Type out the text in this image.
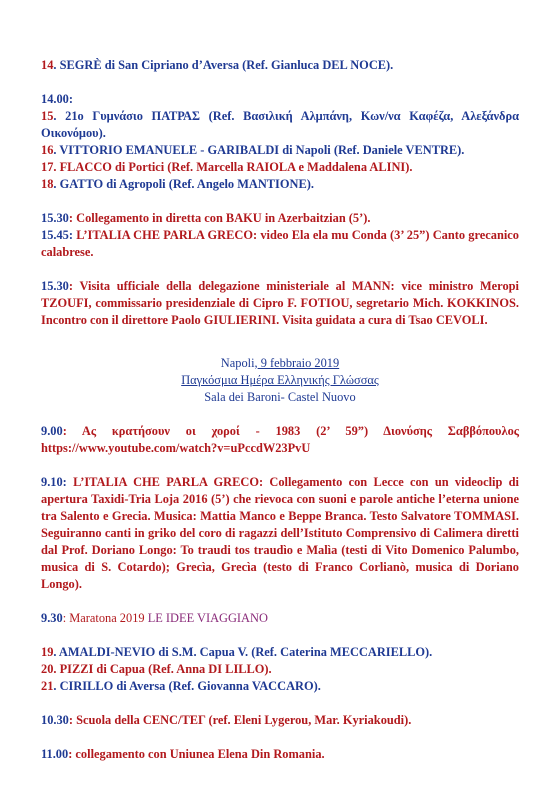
14. SEGRÈ di San Cipriano d’Aversa (Ref. Gianluca DEL NOCE).

14.00:

15. 21ο Γυμνάσιο ΠΑΤΡΑΣ (Ref. Βασιλική Αλμπάνη, Κων/να Καφέζα, Αλεξάνδρα Οικονόμου).

16. VITTORIO EMANUELE - GARIBALDI di Napoli (Ref. Daniele VENTRE).

17. FLACCO di Portici (Ref. Marcella RAIOLA e Maddalena ALINI).

18. GATTO di Agropoli (Ref. Angelo MANTIONE).

15.30: Collegamento in diretta con BAKU in Azerbaitzian (5’).

15.45: L’ITALIA CHE PARLA GRECO: video Ela ela mu Conda (3’ 25”) Canto grecanico calabrese.

15.30: Visita ufficiale della delegazione ministeriale al MANN: vice ministro Meropi TZOUFI, commissario presidenziale di Cipro F. FOTIOU, segretario Mich. KOKKINOS. Incontro con il direttore Paolo GIULIERINI. Visita guidata a cura di Tsao CEVOLI.

Napoli, 9 febbraio 2019

Παγκόσμια Ημέρα Ελληνικής Γλώσσας

Sala dei Baroni- Castel Nuovo

9.00: Ας κρατήσουν οι χοροί - 1983 (2’ 59”) Διονύσης Σαββόπουλος https://www.youtube.com/watch?v=uPccdW23PvU

9.10: L’ITALIA CHE PARLA GRECO: Collegamento con Lecce con un videoclip di apertura Taxidi-Tria Loja 2016 (5’) che rievoca con suoni e parole antiche l’eterna unione tra Salento e Grecia. Musica: Mattia Manco e Beppe Branca. Testo Salvatore TOMMASI. Seguiranno canti in griko del coro di ragazzi dell’Istituto Comprensivo di Calimera diretti dal Prof. Doriano Longo: To traudi tos traudìo e Malìa (testi di Vito Domenico Palumbo, musica di S. Cotardo); Grecìa, Grecìa (testo di Franco Corlianò, musica di Doriano Longo).

9.30: Maratona 2019 LE IDEE VIAGGIANO

19. AMALDI-NEVIO di S.M. Capua V. (Ref. Caterina MECCARIELLO).

20. PIZZI di Capua (Ref. Anna DI LILLO).

21. CIRILLO di Aversa (Ref. Giovanna VACCARO).

10.30: Scuola della CENC/ΤΕΓ (ref. Eleni Lygerou, Mar. Kyriakoudi).

11.00: collegamento con Uniunea Elena Din Romania.
